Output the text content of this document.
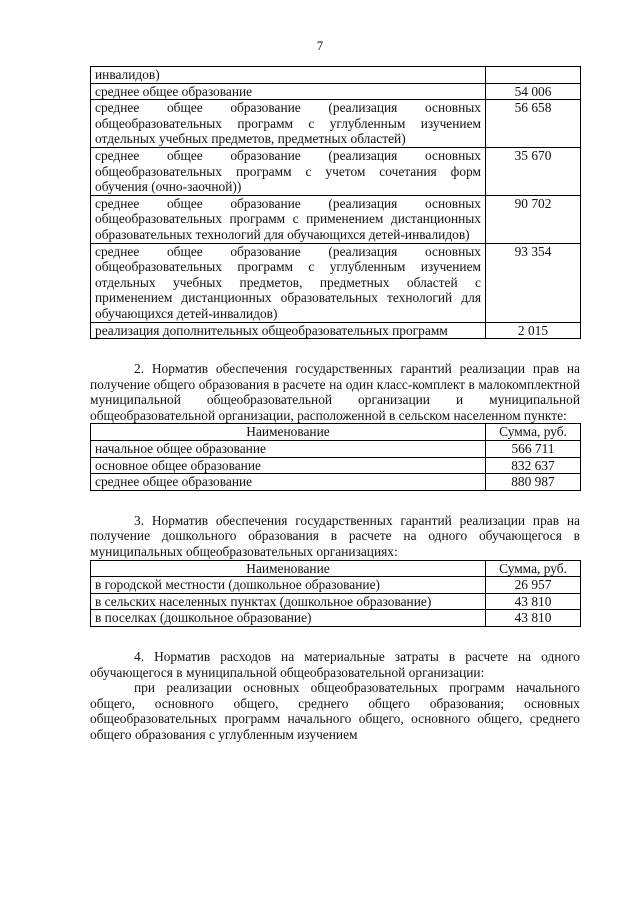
7
инвалидов)	
среднее общее образование	54 006
среднее общее образование (реализация основных общеобразовательных программ с углубленным изучением отдельных учебных предметов, предметных областей)	56 658
среднее общее образование (реализация основных общеобразовательных программ с учетом сочетания форм обучения (очно-заочной))	35 670
среднее общее образование (реализация основных общеобразовательных программ с применением дистанционных образовательных технологий для обучающихся детей-инвалидов)	90 702
среднее общее образование (реализация основных общеобразовательных программ с углубленным изучением отдельных учебных предметов, предметных областей с применением дистанционных образовательных технологий для обучающихся детей-инвалидов)	93 354
реализация дополнительных общеобразовательных программ	2 015

2. Норматив обеспечения государственных гарантий реализации прав на получение общего образования в расчете на один класс-комплект в малокомплектной муниципальной общеобразовательной организации и муниципальной общеобразовательной организации, расположенной в сельском населенном пункте:

Наименование	Сумма, руб.
начальное общее образование	566 711
основное общее образование	832 637
среднее общее образование	880 987

3. Норматив обеспечения государственных гарантий реализации прав на получение дошкольного образования в расчете на одного обучающегося в муниципальных общеобразовательных организациях:

Наименование	Сумма, руб.
в городской местности (дошкольное образование)	26 957
в сельских населенных пунктах (дошкольное образование)	43 810
в поселках (дошкольное образование)	43 810

4. Норматив расходов на материальные затраты в расчете на одного обучающегося в муниципальной общеобразовательной организации:

при реализации основных общеобразовательных программ начального общего, основного общего, среднего общего образования; основных общеобразовательных программ начального общего, основного общего, среднего общего образования с углубленным изучением
